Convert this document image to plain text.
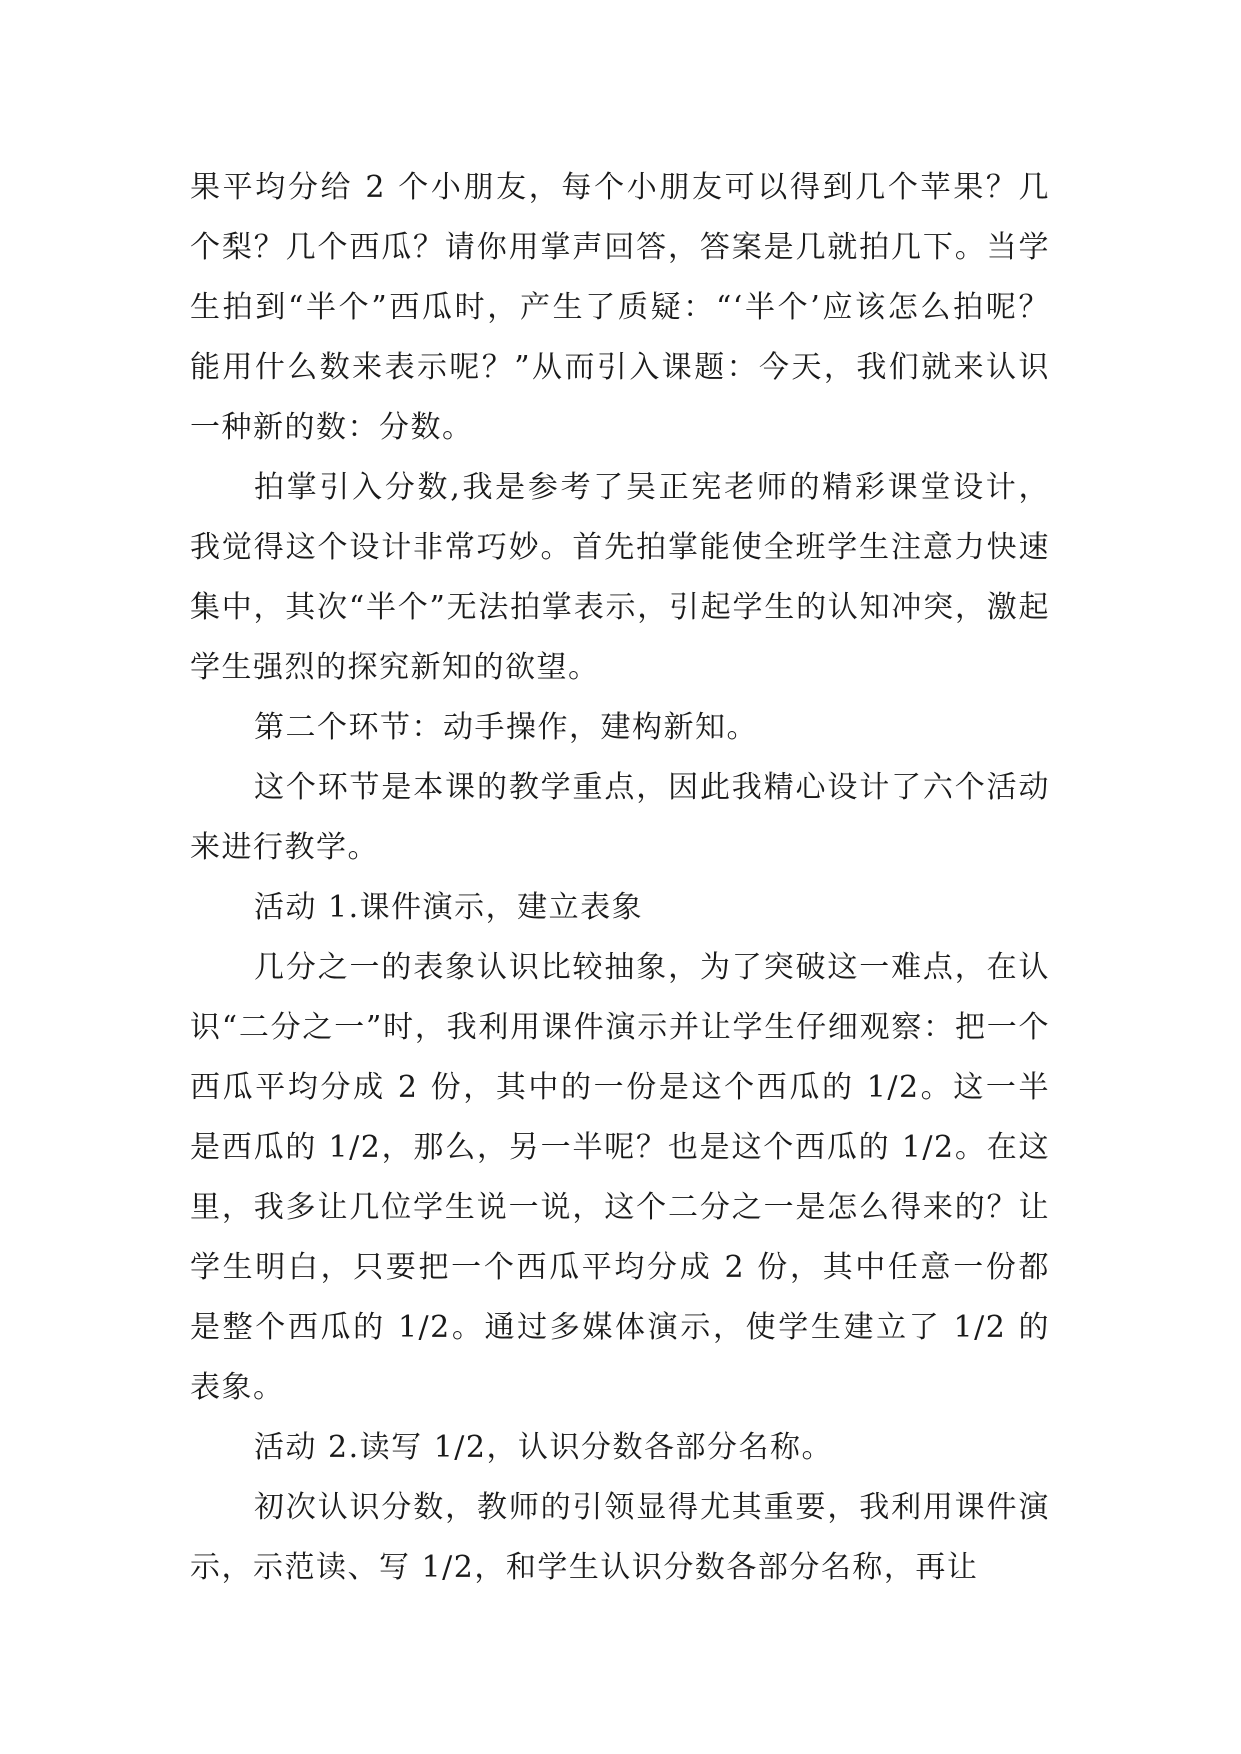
果平均分给 2 个小朋友，每个小朋友可以得到几个苹果？几个梨？几个西瓜？请你用掌声回答，答案是几就拍几下。当学生拍到“半个”西瓜时，产生了质疑：“‘半个’应该怎么拍呢？能用什么数来表示呢？”从而引入课题：今天，我们就来认识一种新的数：分数。

拍掌引入分数,我是参考了吴正宪老师的精彩课堂设计，我觉得这个设计非常巧妙。首先拍掌能使全班学生注意力快速集中，其次“半个”无法拍掌表示，引起学生的认知冲突，激起学生强烈的探究新知的欲望。

第二个环节：动手操作，建构新知。

这个环节是本课的教学重点，因此我精心设计了六个活动来进行教学。

活动 1.课件演示，建立表象

几分之一的表象认识比较抽象，为了突破这一难点，在认识“二分之一”时，我利用课件演示并让学生仔细观察：把一个西瓜平均分成 2 份，其中的一份是这个西瓜的 1/2。这一半是西瓜的 1/2，那么，另一半呢？也是这个西瓜的 1/2。在这里，我多让几位学生说一说，这个二分之一是怎么得来的？让学生明白，只要把一个西瓜平均分成 2 份，其中任意一份都是整个西瓜的 1/2。通过多媒体演示，使学生建立了 1/2 的表象。

活动 2.读写 1/2，认识分数各部分名称。

初次认识分数，教师的引领显得尤其重要，我利用课件演示，示范读、写 1/2，和学生认识分数各部分名称，再让
